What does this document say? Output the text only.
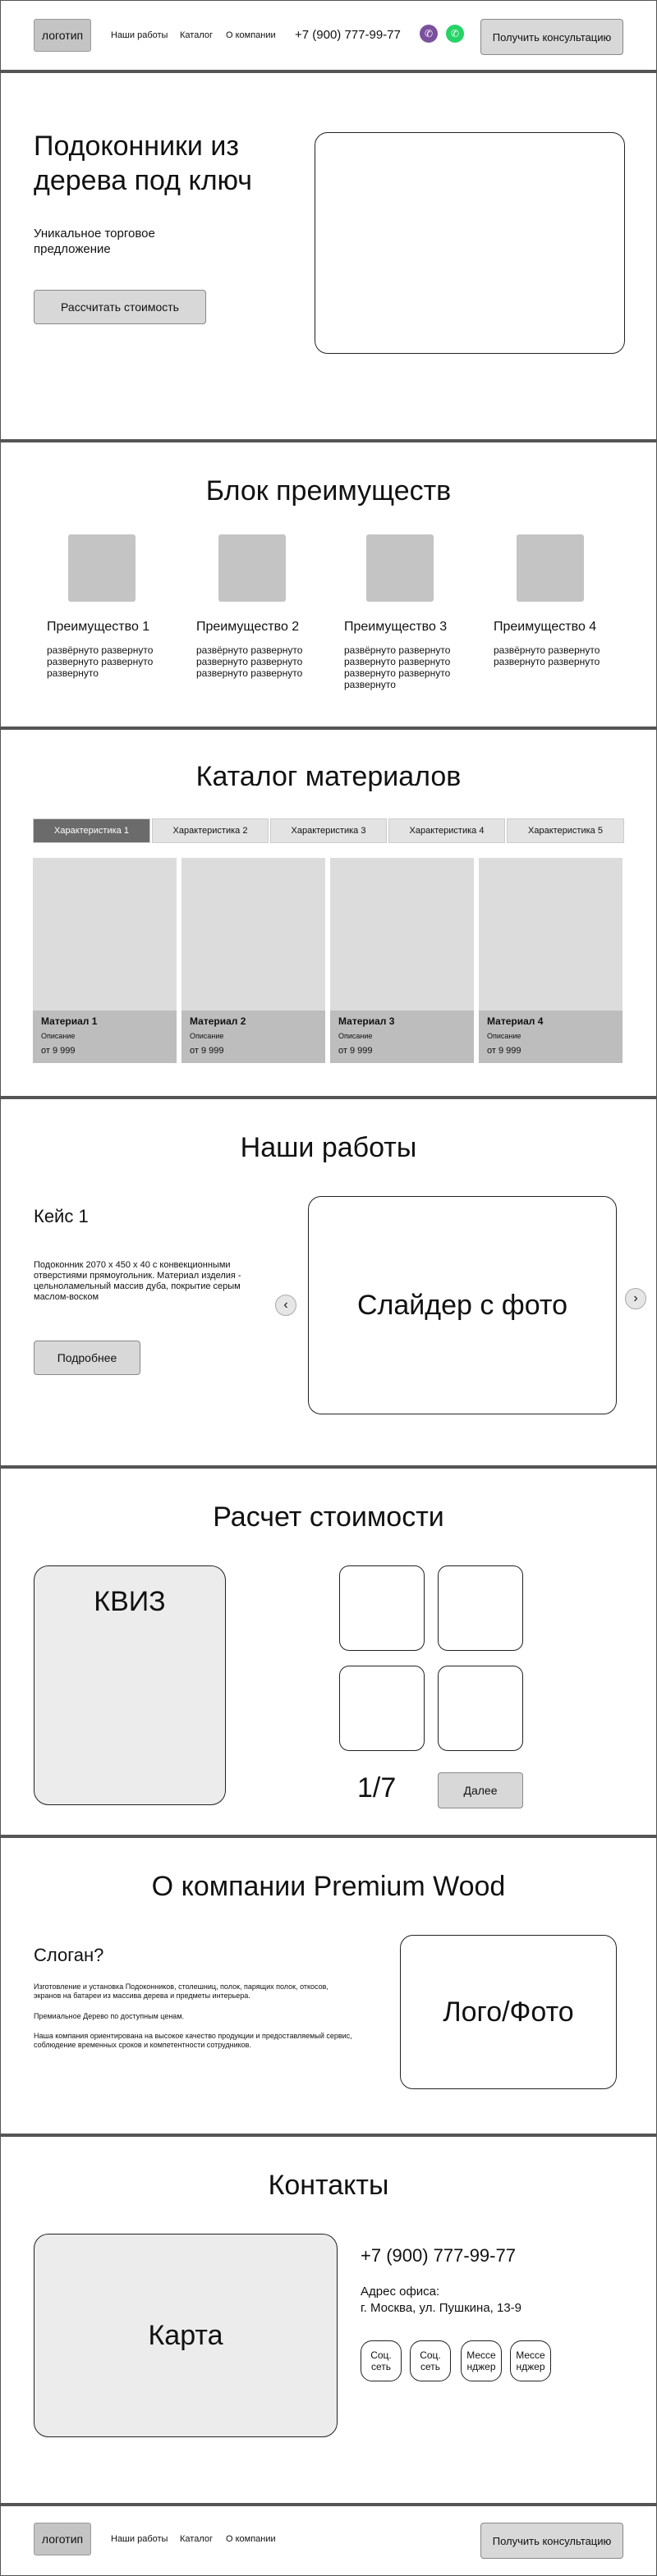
логотип	Наши работы Каталог О компании +7 (900) 777-99-77	✆	✆	Получить консультацию
Подоконники из дерева под ключ
Уникальное торговое предложение
Рассчитать стоимость
Блок преимуществ
Преимущество 1
развёрнуто развернуто развернуто развернуто развернуто
Преимущество 2
развёрнуто развернуто развернуто развернуто развернуто развернуто
Преимущество 3
развёрнуто развернуто развернуто развернуто развернуто развернуто развернуто
Преимущество 4
развёрнуто развернуто развернуто развернуто
Каталог материалов
Характеристика 1	Характеристика 2	Характеристика 3	Характеристика 4	Характеристика 5
Материал 1
Описание
от 9 999
Материал 2
Описание
от 9 999
Материал 3
Описание
от 9 999
Материал 4
Описание
от 9 999
Наши работы
Кейс 1
Подоконник 2070 х 450 х 40 с конвекционными отверстиями прямоугольник. Материал изделия - цельноламельный массив дуба, покрытие серым маслом-воском
Подробнее
‹	Слайдер с фото	›
Расчет стоимости
КВИЗ
1/7	Далее
О компании Premium Wood
Слоган?
Изготовление и установка Подоконников, столешниц, полок, парящих полок, откосов, экранов на батареи из массива дерева и предметы интерьера.
Премиальное Дерево по доступным ценам.
Наша компания ориентирована на высокое качество продукции и предоставляемый сервис, соблюдение временных сроков и компетентности сотрудников.
Лого/Фото
Контакты
Карта
+7 (900) 777-99-77
Адрес офиса:
г. Москва, ул. Пушкина, 13-9
Соц. сеть
Соц. сеть
Мессе нджер
Мессе нджер
логотип	Наши работы Каталог О компании	Получить консультацию
